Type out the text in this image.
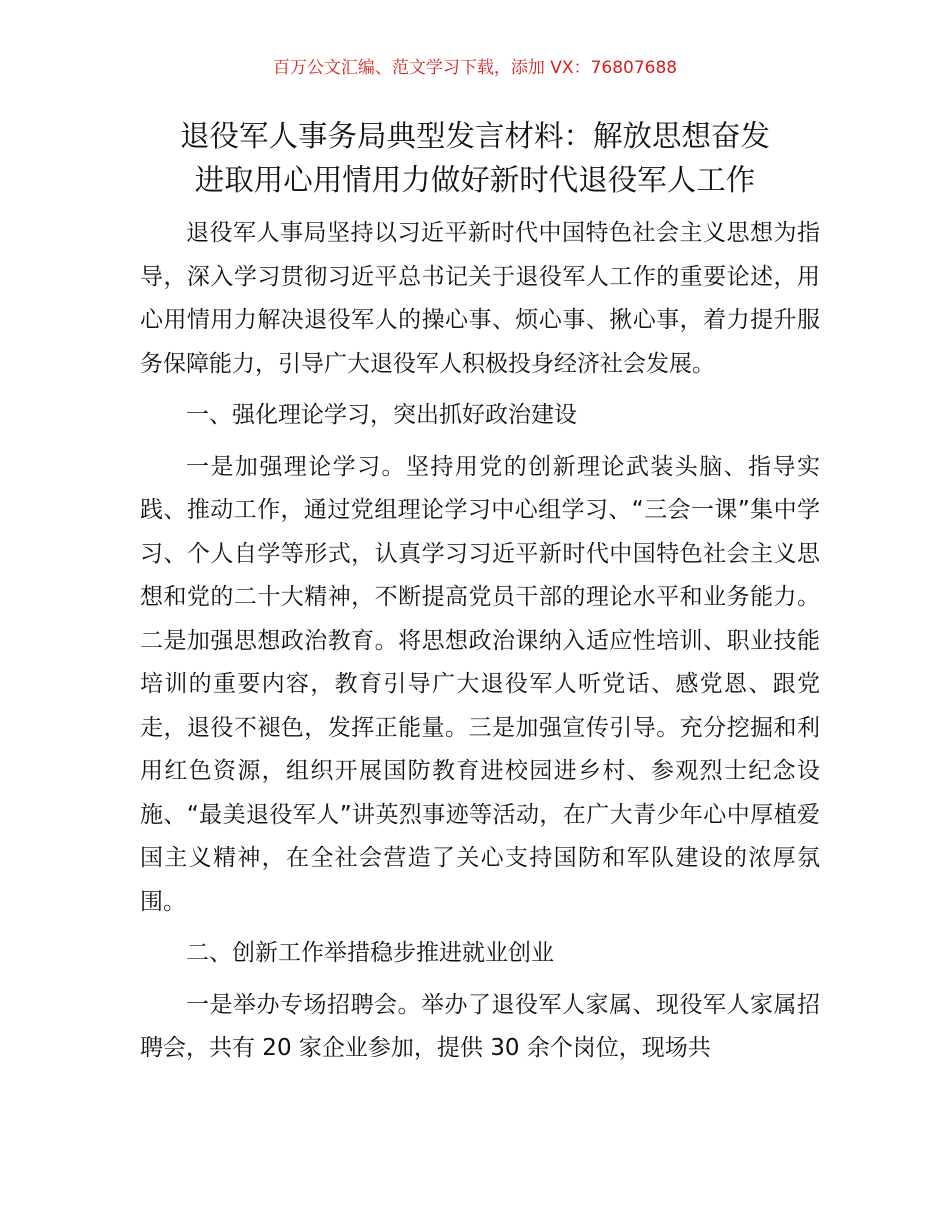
百万公文汇编、范文学习下载，添加 VX：76807688
退役军人事务局典型发言材料：解放思想奋发
进取用心用情用力做好新时代退役军人工作

退役军人事局坚持以习近平新时代中国特色社会主义思想为指导，深入学习贯彻习近平总书记关于退役军人工作的重要论述，用心用情用力解决退役军人的操心事、烦心事、揪心事，着力提升服务保障能力，引导广大退役军人积极投身经济社会发展。

一、强化理论学习，突出抓好政治建设

一是加强理论学习。坚持用党的创新理论武装头脑、指导实践、推动工作，通过党组理论学习中心组学习、“三会一课”集中学习、个人自学等形式，认真学习习近平新时代中国特色社会主义思想和党的二十大精神，不断提高党员干部的理论水平和业务能力。二是加强思想政治教育。将思想政治课纳入适应性培训、职业技能培训的重要内容，教育引导广大退役军人听党话、感党恩、跟党走，退役不褪色，发挥正能量。三是加强宣传引导。充分挖掘和利用红色资源，组织开展国防教育进校园进乡村、参观烈士纪念设施、“最美退役军人”讲英烈事迹等活动，在广大青少年心中厚植爱国主义精神，在全社会营造了关心支持国防和军队建设的浓厚氛围。

二、创新工作举措稳步推进就业创业

一是举办专场招聘会。举办了退役军人家属、现役军人家属招聘会，共有 20 家企业参加，提供 30 余个岗位，现场共
